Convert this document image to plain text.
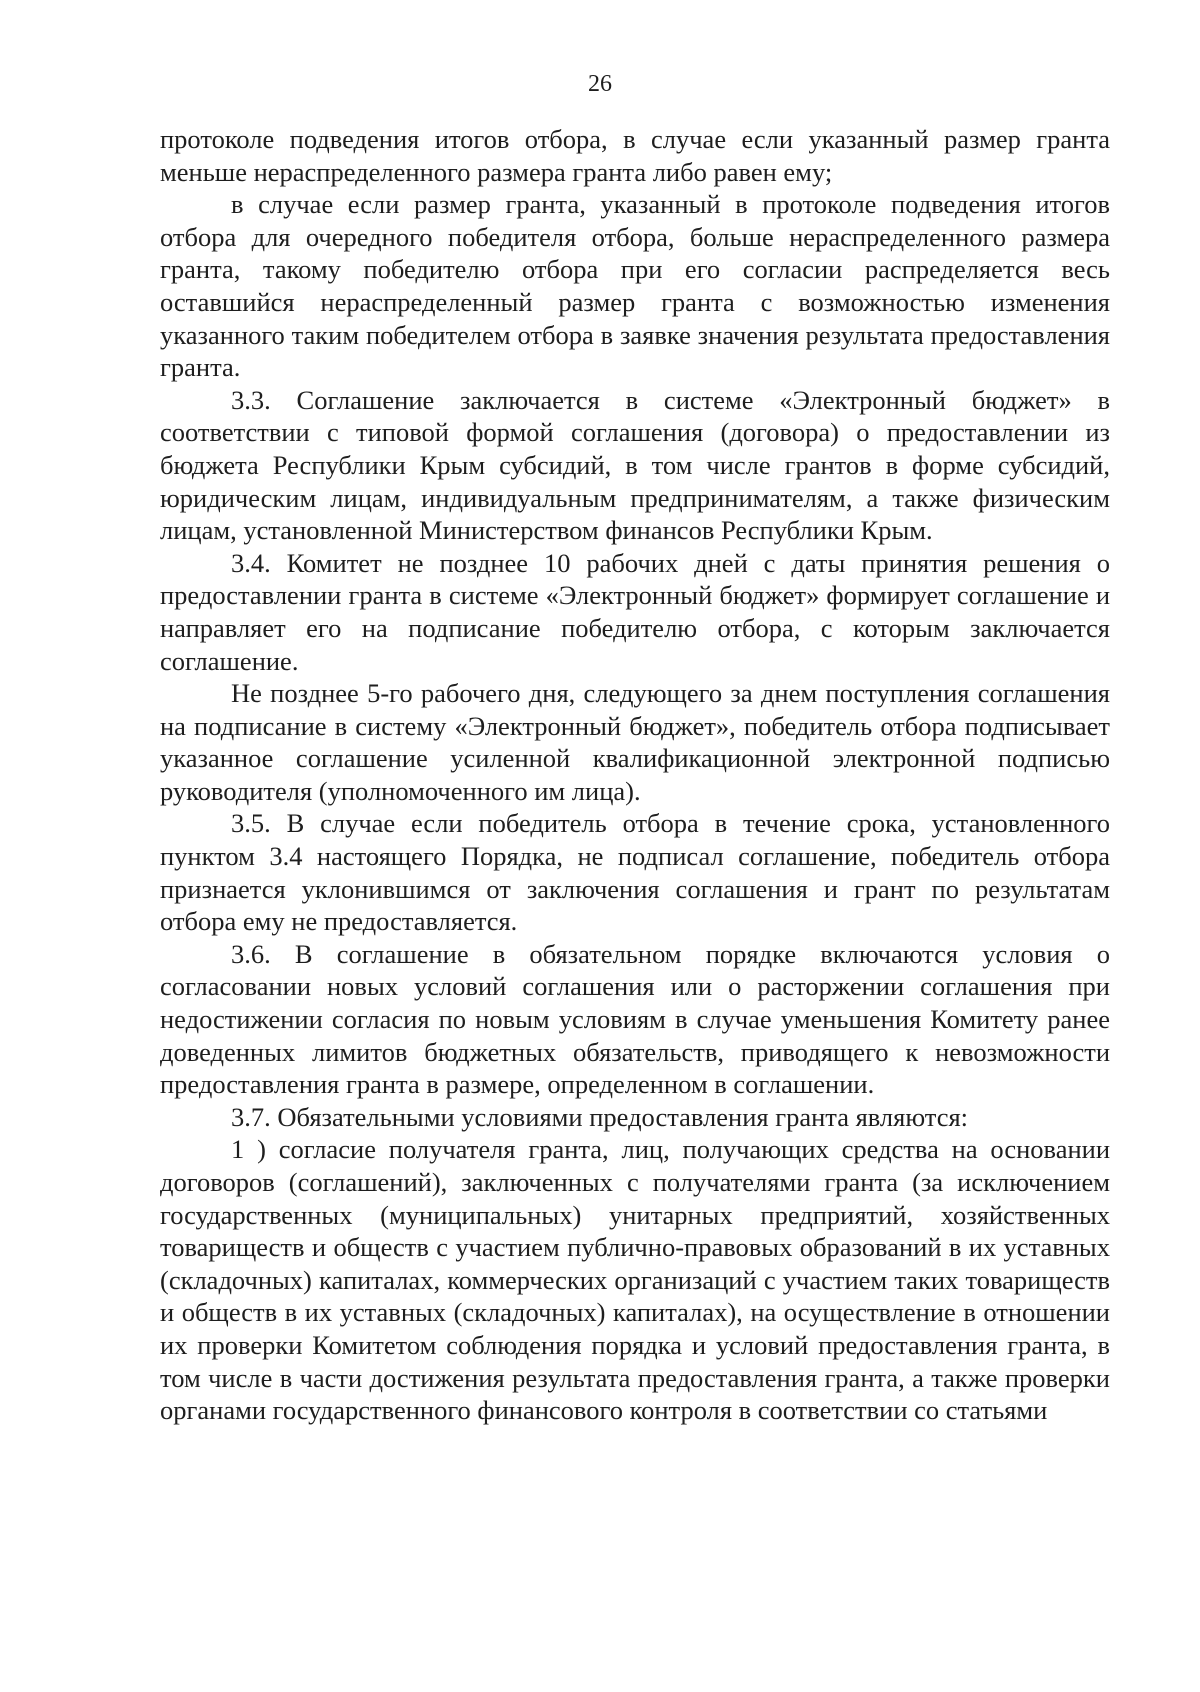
26

протоколе подведения итогов отбора, в случае если указанный размер гранта меньше нераспределенного размера гранта либо равен ему;

в случае если размер гранта, указанный в протоколе подведения итогов отбора для очередного победителя отбора, больше нераспределенного размера гранта, такому победителю отбора при его согласии распределяется весь оставшийся нераспределенный размер гранта с возможностью изменения указанного таким победителем отбора в заявке значения результата предоставления гранта.

3.3. Соглашение заключается в системе «Электронный бюджет» в соответствии с типовой формой соглашения (договора) о предоставлении из бюджета Республики Крым субсидий, в том числе грантов в форме субсидий, юридическим лицам, индивидуальным предпринимателям, а также физическим лицам, установленной Министерством финансов Республики Крым.

3.4. Комитет не позднее 10 рабочих дней с даты принятия решения о предоставлении гранта в системе «Электронный бюджет» формирует соглашение и направляет его на подписание победителю отбора, с которым заключается соглашение.

Не позднее 5-го рабочего дня, следующего за днем поступления соглашения на подписание в систему «Электронный бюджет», победитель отбора подписывает указанное соглашение усиленной квалификационной электронной подписью руководителя (уполномоченного им лица).

3.5. В случае если победитель отбора в течение срока, установленного пунктом 3.4 настоящего Порядка, не подписал соглашение, победитель отбора признается уклонившимся от заключения соглашения и грант по результатам отбора ему не предоставляется.

3.6. В соглашение в обязательном порядке включаются условия о согласовании новых условий соглашения или о расторжении соглашения при недостижении согласия по новым условиям в случае уменьшения Комитету ранее доведенных лимитов бюджетных обязательств, приводящего к невозможности предоставления гранта в размере, определенном в соглашении.

3.7. Обязательными условиями предоставления гранта являются:

1 ) согласие получателя гранта, лиц, получающих средства на основании договоров (соглашений), заключенных с получателями гранта (за исключением государственных (муниципальных) унитарных предприятий, хозяйственных товариществ и обществ с участием публично-правовых образований в их уставных (складочных) капиталах, коммерческих организаций с участием таких товариществ и обществ в их уставных (складочных) капиталах), на осуществление в отношении их проверки Комитетом соблюдения порядка и условий предоставления гранта, в том числе в части достижения результата предоставления гранта, а также проверки органами государственного финансового контроля в соответствии со статьями
